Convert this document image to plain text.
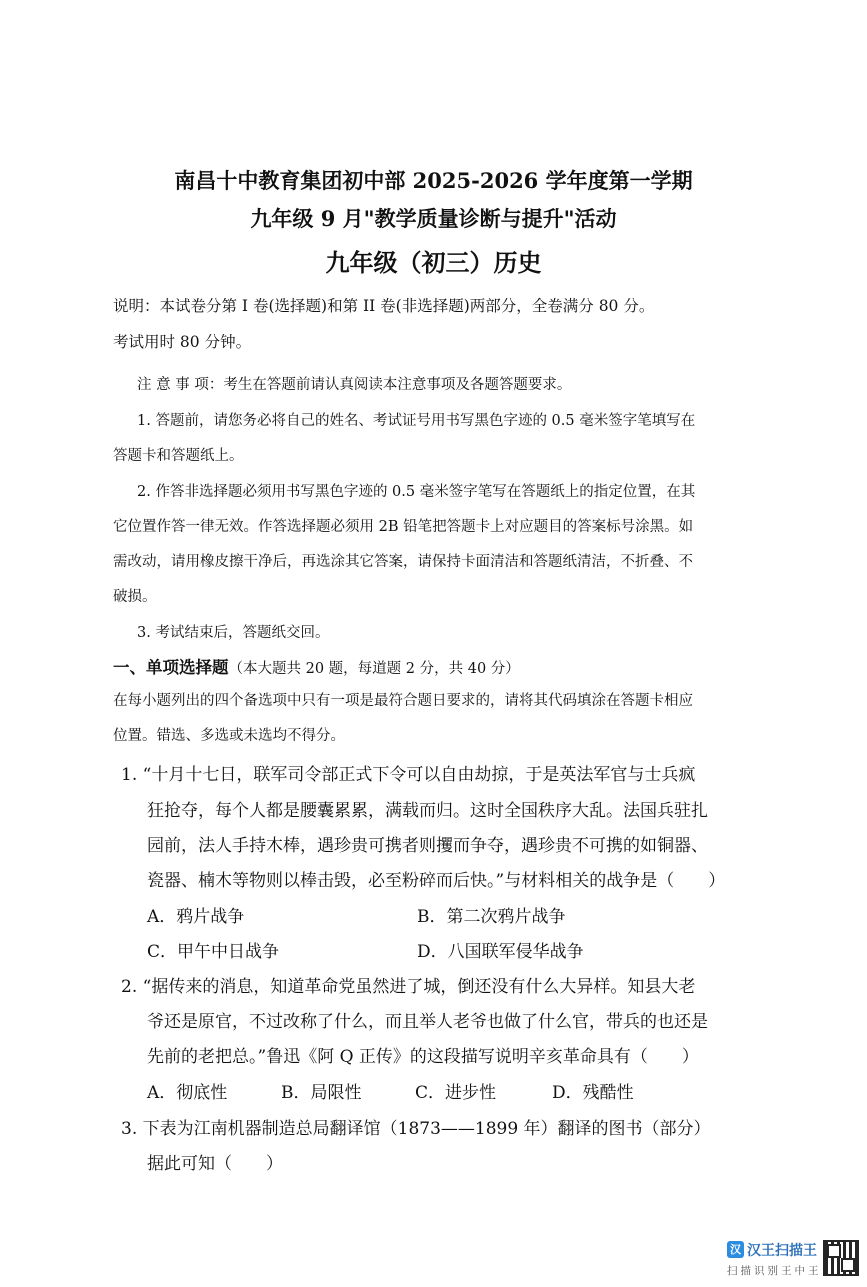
南昌十中教育集团初中部 2025-2026 学年度第一学期
九年级 9 月"教学质量诊断与提升"活动
九年级（初三）历史
说明：本试卷分第 I 卷(选择题)和第 II 卷(非选择题)两部分，全卷满分 80 分。
考试用时 80 分钟。
注 意 事 项：考生在答题前请认真阅读本注意事项及各题答题要求。
1. 答题前，请您务必将自己的姓名、考试证号用书写黑色字迹的 0.5 毫米签字笔填写在
答题卡和答题纸上。
2. 作答非选择题必须用书写黑色字迹的 0.5 毫米签字笔写在答题纸上的指定位置，在其
它位置作答一律无效。作答选择题必须用 2B 铅笔把答题卡上对应题目的答案标号涂黑。如
需改动，请用橡皮擦干净后，再选涂其它答案，请保持卡面清洁和答题纸清洁，不折叠、不
破损。
3. 考试结束后，答题纸交回。
一、单项选择题（本大题共 20 题，每道题 2 分，共 40 分）
在每小题列出的四个备选项中只有一项是最符合题日要求的，请将其代码填涂在答题卡相应
位置。错选、多选或未选均不得分。
1. “十月十七日，联军司令部正式下令可以自由劫掠，于是英法军官与士兵疯
狂抢夺，每个人都是腰囊累累，满载而归。这时全国秩序大乱。法国兵驻扎
园前，法人手持木棒，遇珍贵可携者则攫而争夺，遇珍贵不可携的如铜器、
瓷器、楠木等物则以棒击毁，必至粉碎而后快。”与材料相关的战争是（　　）
A．鸦片战争	B．第二次鸦片战争
C．甲午中日战争	D．八国联军侵华战争
2. “据传来的消息，知道革命党虽然进了城，倒还没有什么大异样。知县大老
爷还是原官，不过改称了什么，而且举人老爷也做了什么官，带兵的也还是
先前的老把总。”鲁迅《阿 Q 正传》的这段描写说明辛亥革命具有（　　）
A．彻底性	B．局限性	C．进步性	D．残酷性
3. 下表为江南机器制造总局翻译馆（1873——1899 年）翻译的图书（部分）
据此可知（　　）
汉 汉王扫描王
扫描识别王中王
